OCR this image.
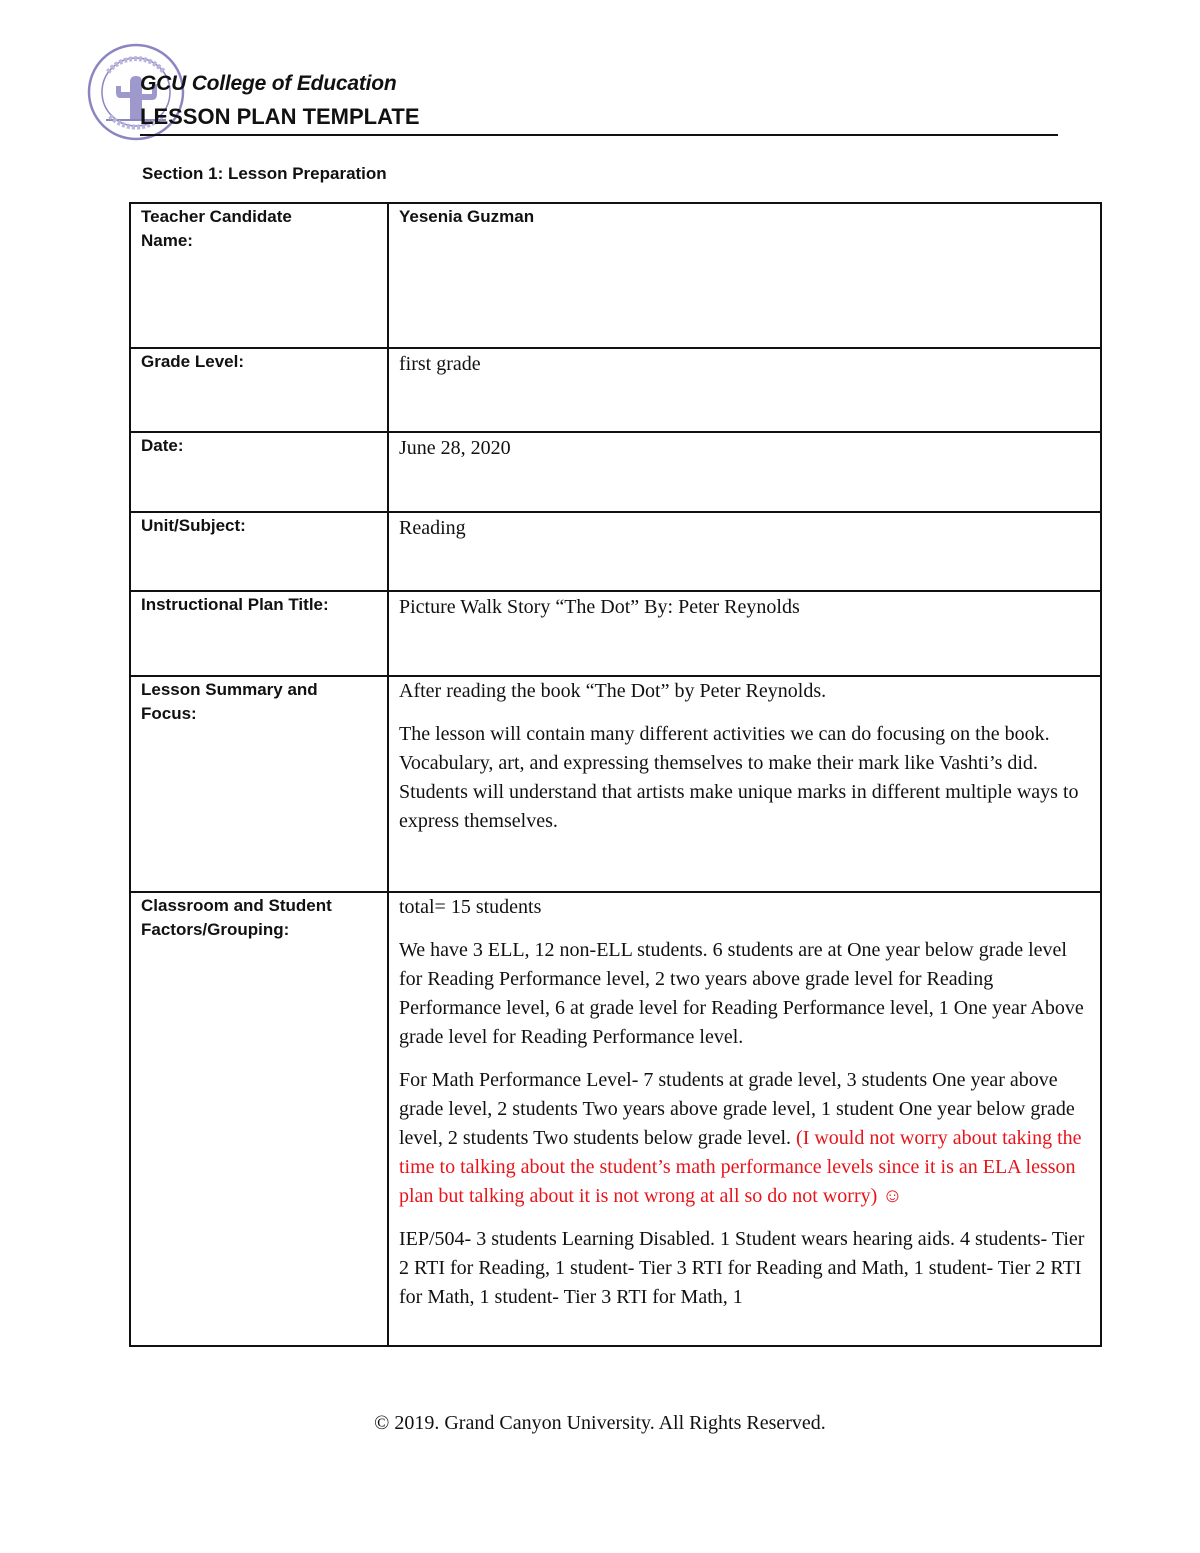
GCU College of Education
LESSON PLAN TEMPLATE
Section 1: Lesson Preparation
Teacher Candidate Name:	Yesenia Guzman

Grade Level:	first grade

Date:	June 28, 2020

Unit/Subject:	Reading

Instructional Plan Title:	Picture Walk Story “The Dot” By: Peter Reynolds

Lesson Summary and Focus:	After reading the book “The Dot” by Peter Reynolds.

The lesson will contain many different activities we can do focusing on the book. Vocabulary, art, and expressing themselves to make their mark like Vashti’s did. Students will understand that artists make unique marks in different multiple ways to express themselves.

Classroom and Student Factors/Grouping:	total= 15 students

We have 3 ELL, 12 non-ELL students. 6 students are at One year below grade level for Reading Performance level, 2 two years above grade level for Reading Performance level, 6 at grade level for Reading Performance level, 1 One year Above grade level for Reading Performance level.

For Math Performance Level- 7 students at grade level, 3 students One year above grade level, 2 students Two years above grade level, 1 student One year below grade level, 2 students Two students below grade level. (I would not worry about taking the time to talking about the student’s math performance levels since it is an ELA lesson plan but talking about it is not wrong at all so do not worry) ☺

IEP/504- 3 students Learning Disabled. 1 Student wears hearing aids. 4 students- Tier 2 RTI for Reading, 1 student- Tier 3 RTI for Reading and Math, 1 student- Tier 2 RTI for Math, 1 student- Tier 3 RTI for Math, 1

© 2019. Grand Canyon University. All Rights Reserved.
